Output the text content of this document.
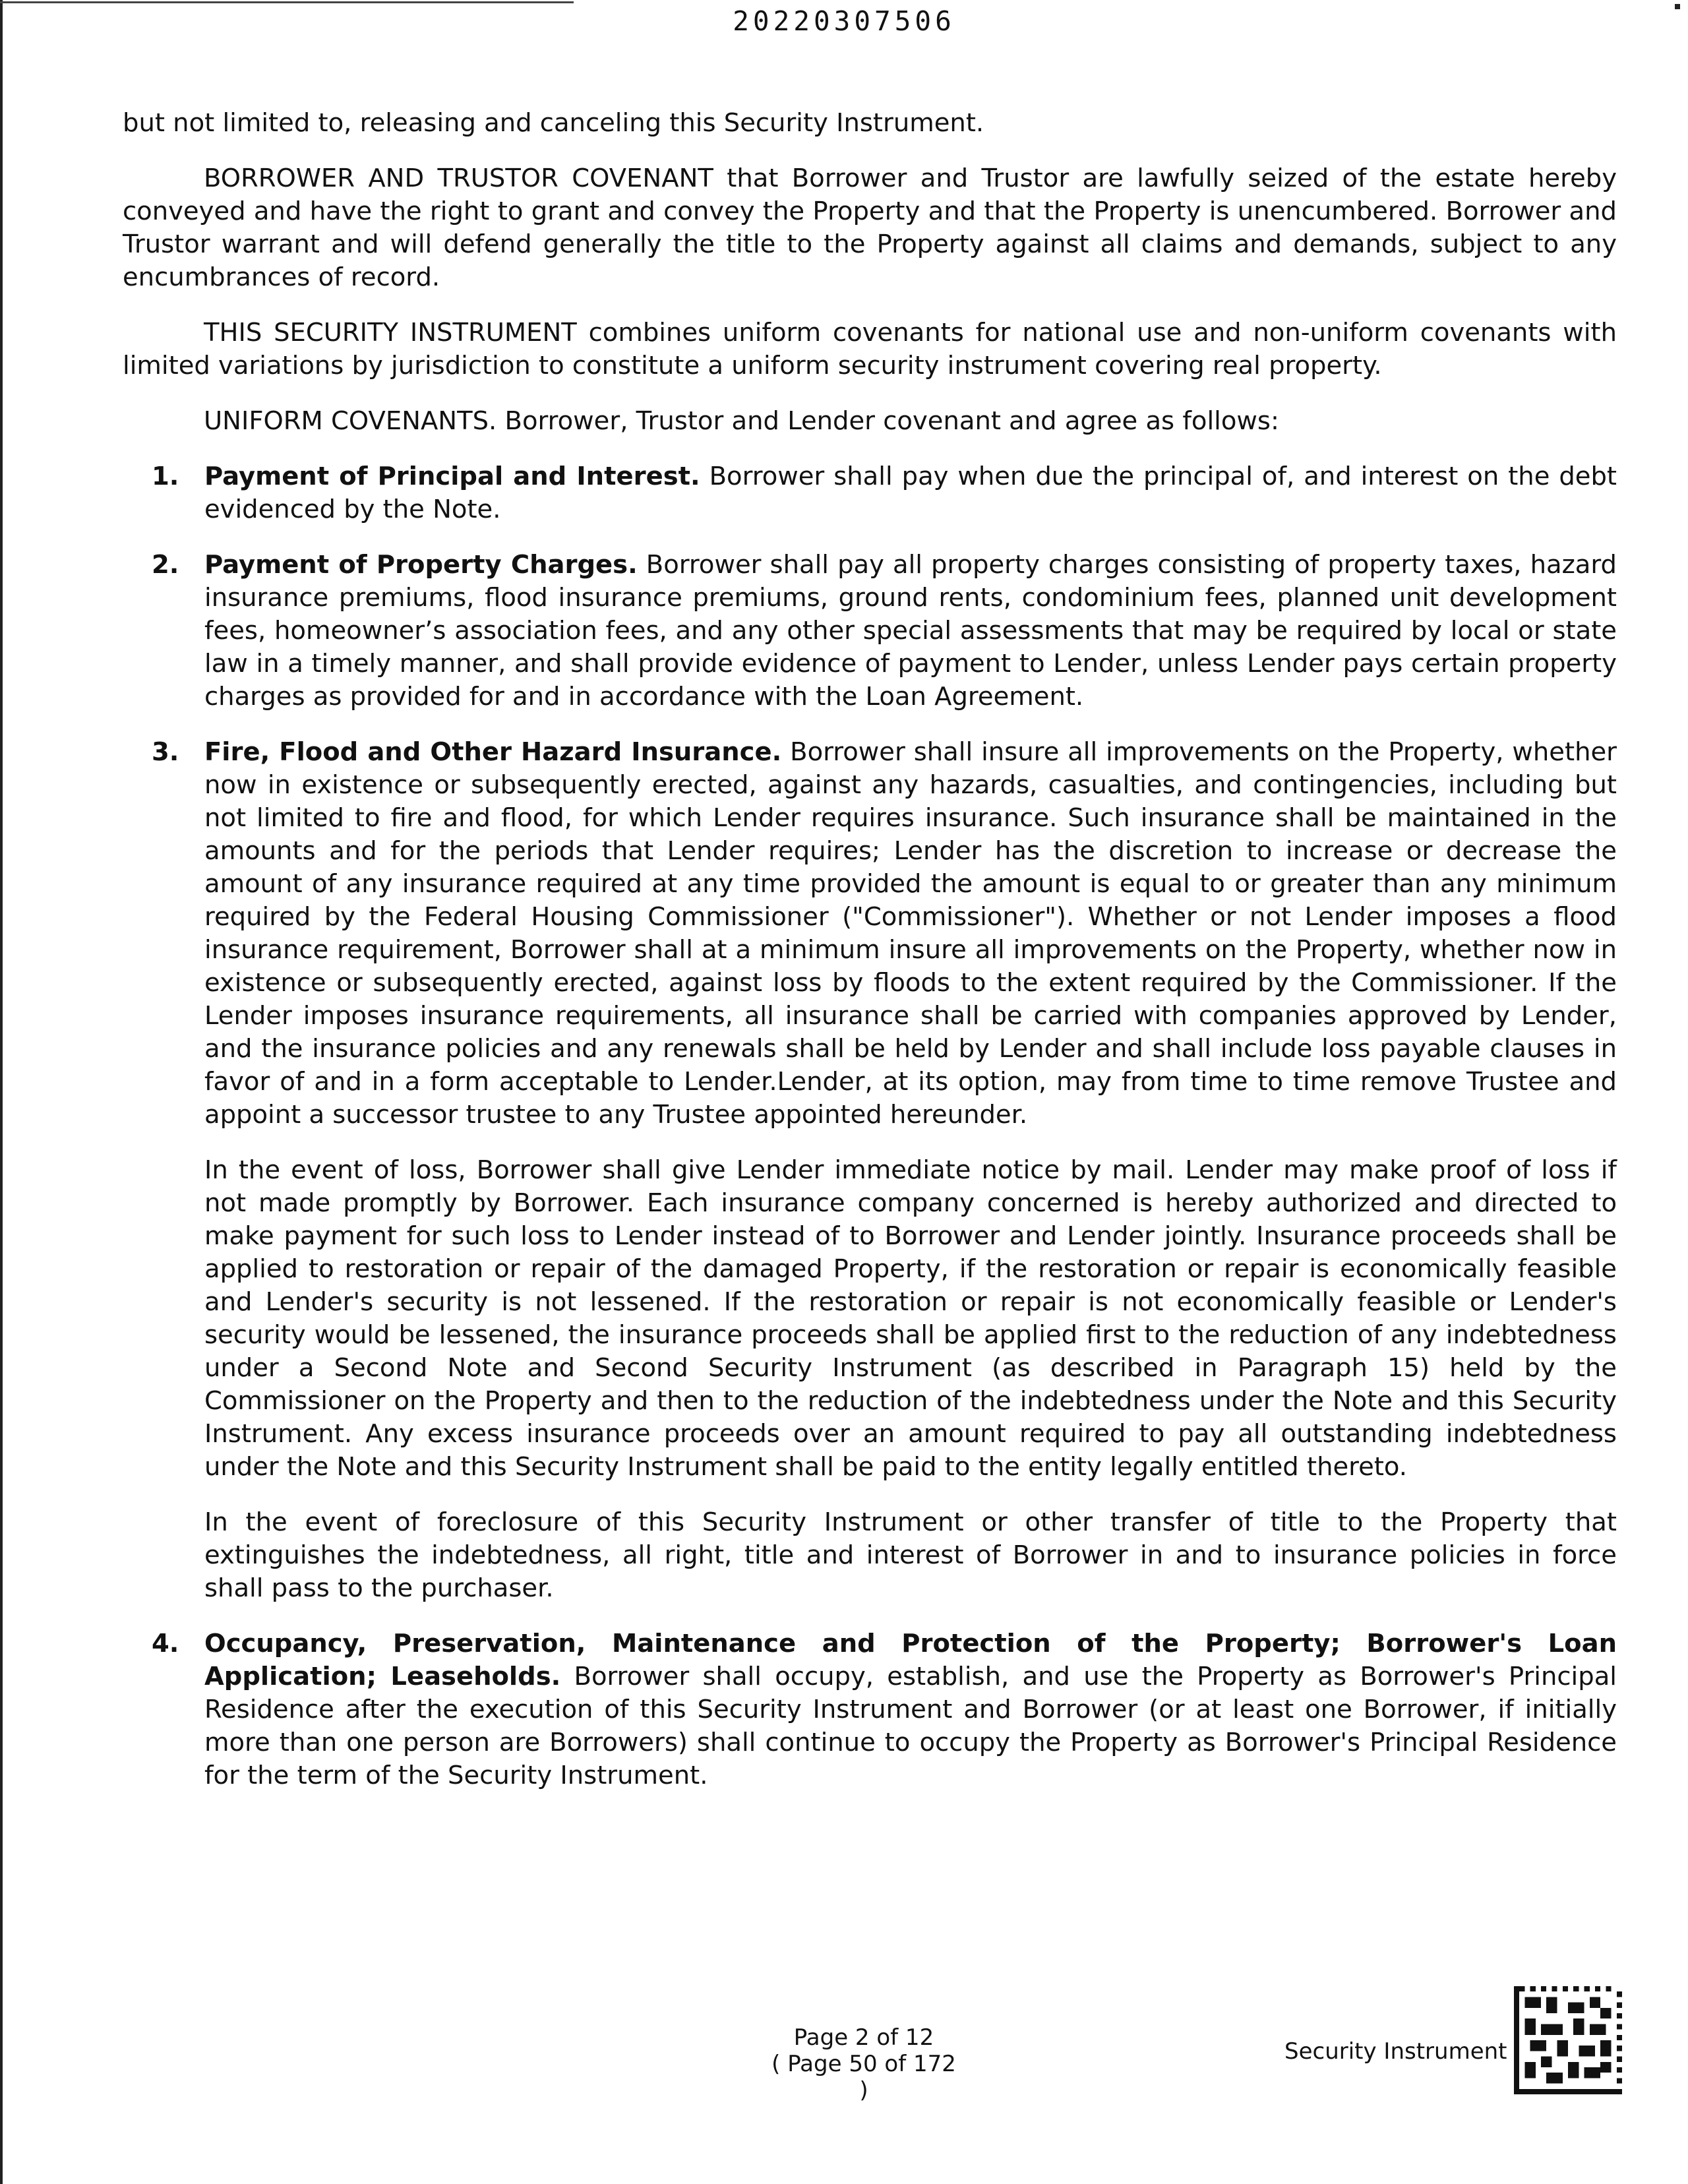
20220307506

but not limited to, releasing and canceling this Security Instrument.

BORROWER AND TRUSTOR COVENANT that Borrower and Trustor are lawfully seized of the estate hereby conveyed and have the right to grant and convey the Property and that the Property is unencumbered. Borrower and Trustor warrant and will defend generally the title to the Property against all claims and demands, subject to any encumbrances of record.

THIS SECURITY INSTRUMENT combines uniform covenants for national use and non-uniform covenants with limited variations by jurisdiction to constitute a uniform security instrument covering real property.

UNIFORM COVENANTS. Borrower, Trustor and Lender covenant and agree as follows:

1. Payment of Principal and Interest. Borrower shall pay when due the principal of, and interest on the debt evidenced by the Note.

2. Payment of Property Charges. Borrower shall pay all property charges consisting of property taxes, hazard insurance premiums, flood insurance premiums, ground rents, condominium fees, planned unit development fees, homeowner’s association fees, and any other special assessments that may be required by local or state law in a timely manner, and shall provide evidence of payment to Lender, unless Lender pays certain property charges as provided for and in accordance with the Loan Agreement.

3. Fire, Flood and Other Hazard Insurance. Borrower shall insure all improvements on the Property, whether now in existence or subsequently erected, against any hazards, casualties, and contingencies, including but not limited to fire and flood, for which Lender requires insurance. Such insurance shall be maintained in the amounts and for the periods that Lender requires; Lender has the discretion to increase or decrease the amount of any insurance required at any time provided the amount is equal to or greater than any minimum required by the Federal Housing Commissioner ("Commissioner"). Whether or not Lender imposes a flood insurance requirement, Borrower shall at a minimum insure all improvements on the Property, whether now in existence or subsequently erected, against loss by floods to the extent required by the Commissioner. If the Lender imposes insurance requirements, all insurance shall be carried with companies approved by Lender, and the insurance policies and any renewals shall be held by Lender and shall include loss payable clauses in favor of and in a form acceptable to Lender.Lender, at its option, may from time to time remove Trustee and appoint a successor trustee to any Trustee appointed hereunder.

In the event of loss, Borrower shall give Lender immediate notice by mail. Lender may make proof of loss if not made promptly by Borrower. Each insurance company concerned is hereby authorized and directed to make payment for such loss to Lender instead of to Borrower and Lender jointly. Insurance proceeds shall be applied to restoration or repair of the damaged Property, if the restoration or repair is economically feasible and Lender's security is not lessened. If the restoration or repair is not economically feasible or Lender's security would be lessened, the insurance proceeds shall be applied first to the reduction of any indebtedness under a Second Note and Second Security Instrument (as described in Paragraph 15) held by the Commissioner on the Property and then to the reduction of the indebtedness under the Note and this Security Instrument. Any excess insurance proceeds over an amount required to pay all outstanding indebtedness under the Note and this Security Instrument shall be paid to the entity legally entitled thereto.

In the event of foreclosure of this Security Instrument or other transfer of title to the Property that extinguishes the indebtedness, all right, title and interest of Borrower in and to insurance policies in force shall pass to the purchaser.

4. Occupancy, Preservation, Maintenance and Protection of the Property; Borrower's Loan Application; Leaseholds. Borrower shall occupy, establish, and use the Property as Borrower's Principal Residence after the execution of this Security Instrument and Borrower (or at least one Borrower, if initially more than one person are Borrowers) shall continue to occupy the Property as Borrower's Principal Residence for the term of the Security Instrument.

Page 2 of 12
( Page 50 of 172 )
Security Instrument
